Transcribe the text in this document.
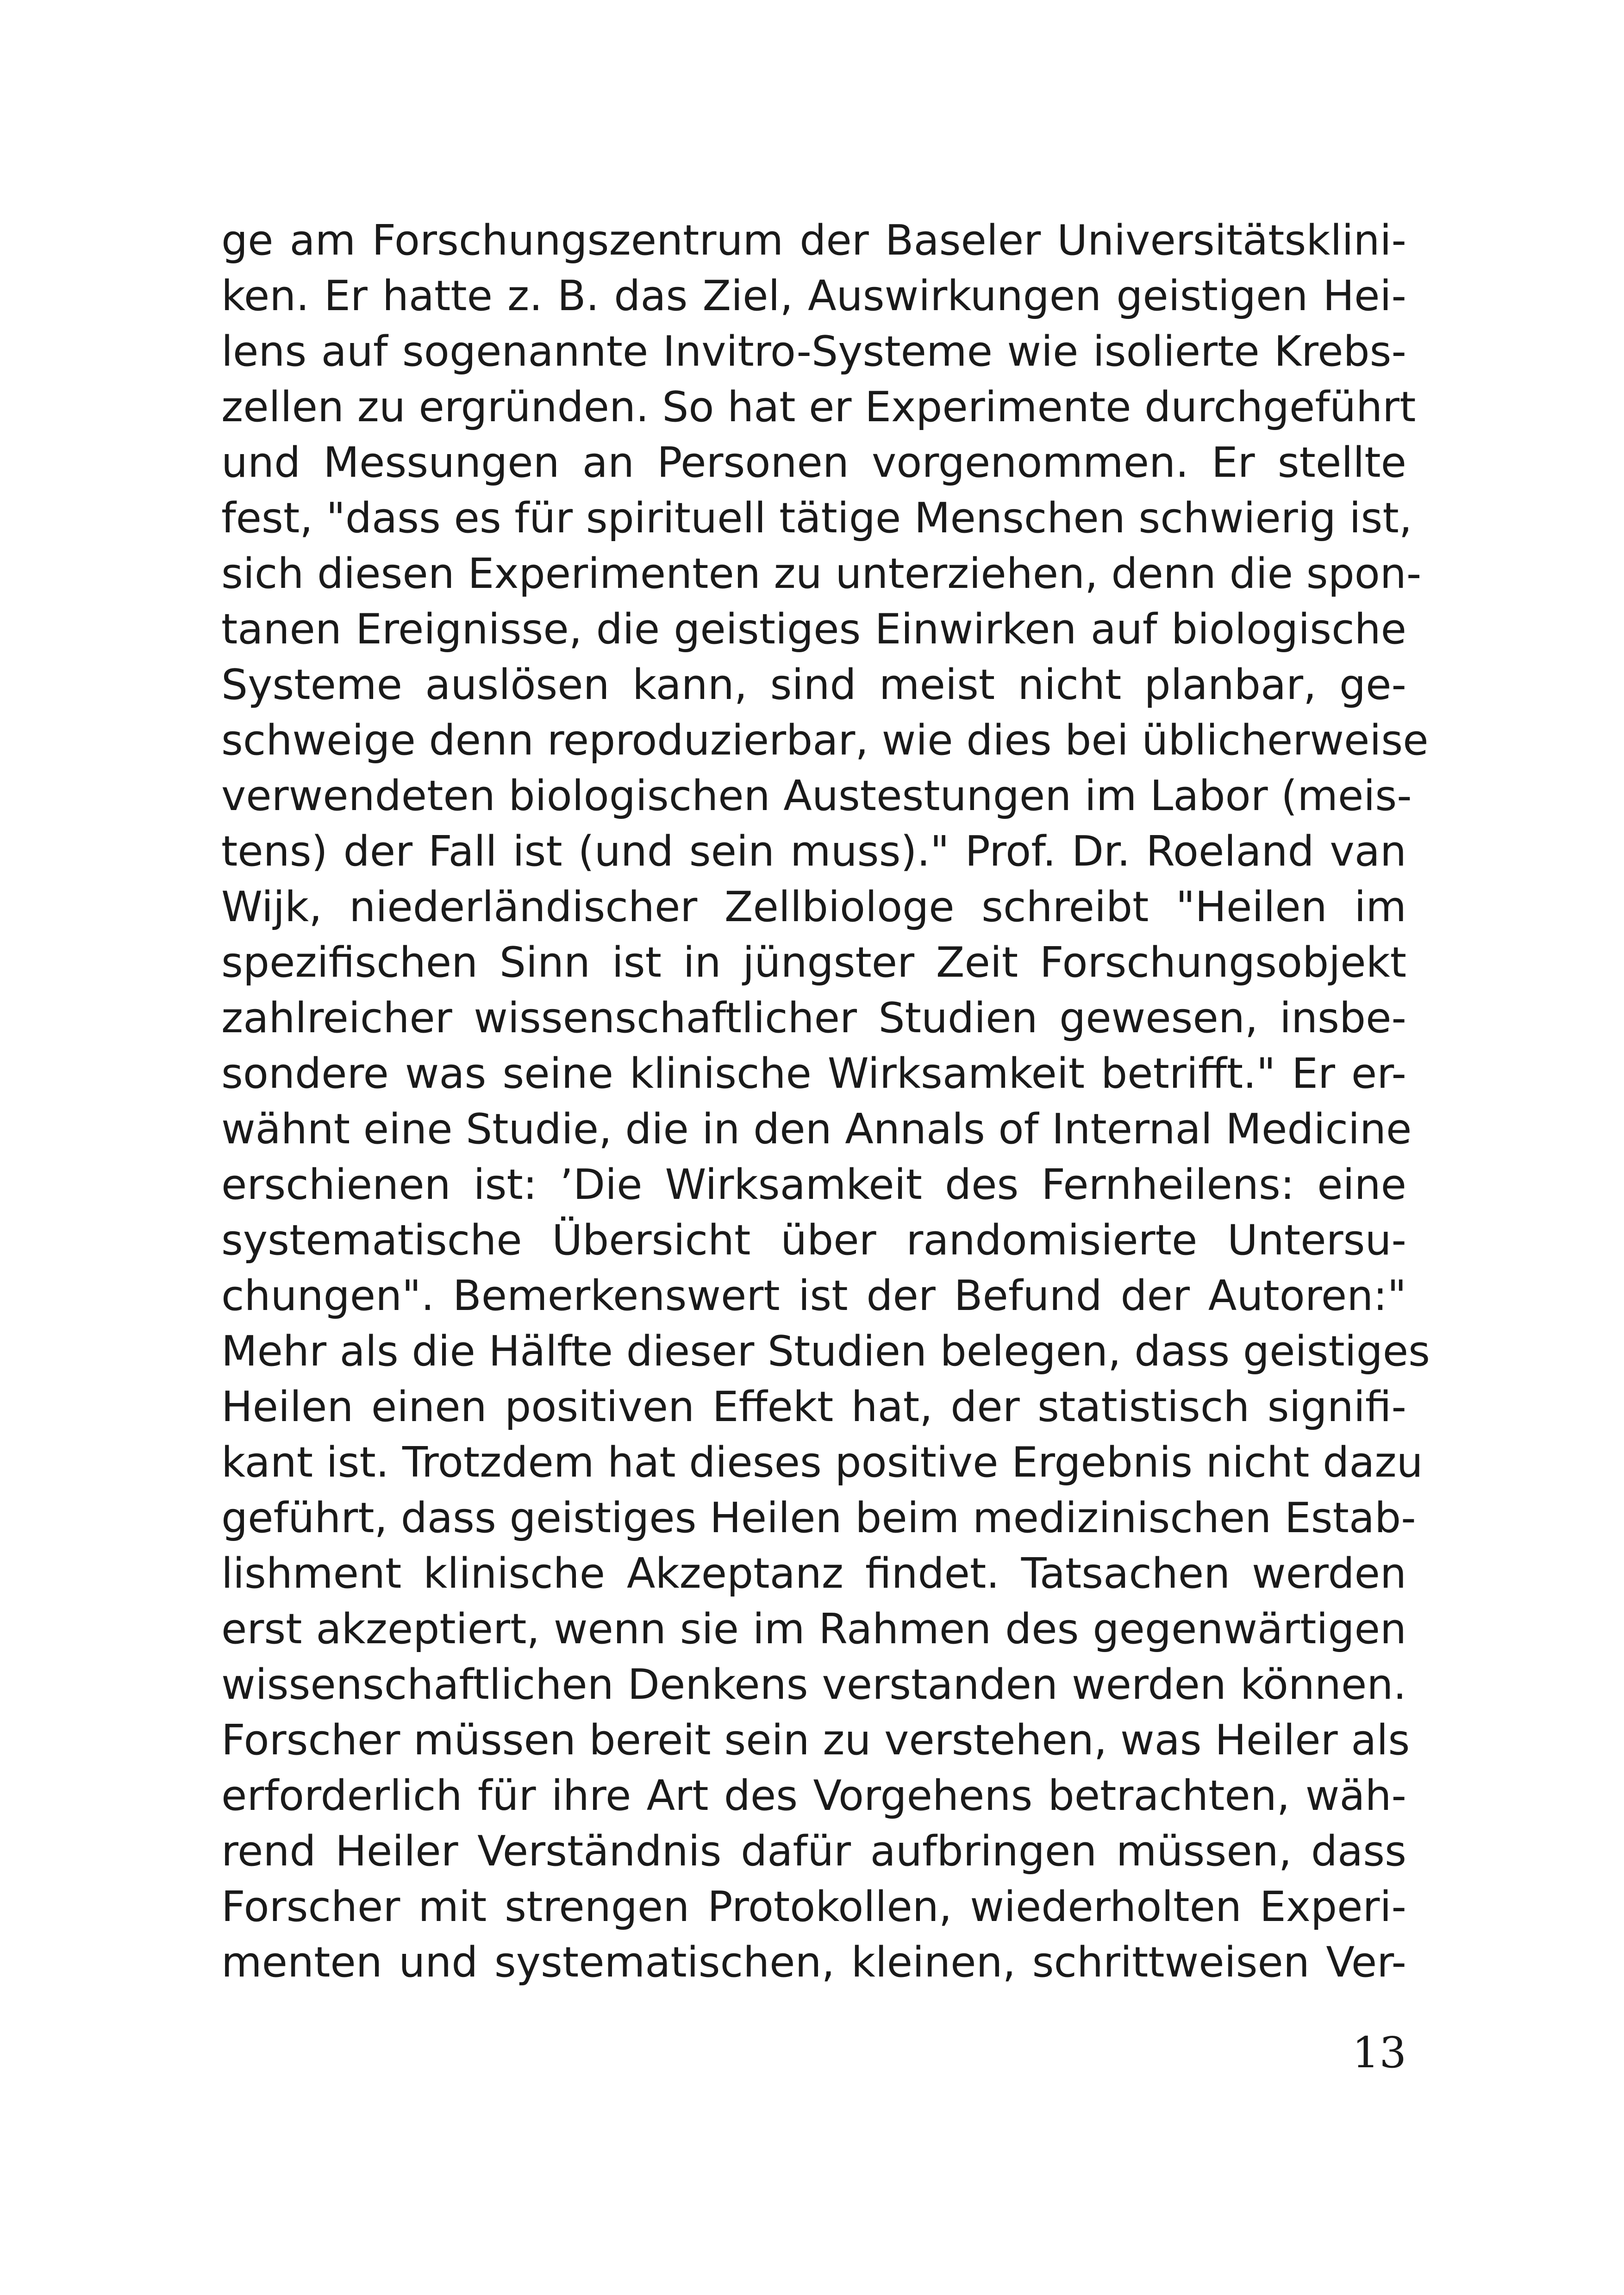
ge am Forschungszentrum der Baseler Universitätsklini-
ken. Er hatte z. B. das Ziel, Auswirkungen geistigen Hei-
lens auf sogenannte Invitro-Systeme wie isolierte Krebs-
zellen zu ergründen. So hat er Experimente durchgeführt
und Messungen an Personen vorgenommen. Er stellte
fest, "dass es für spirituell tätige Menschen schwierig ist,
sich diesen Experimenten zu unterziehen, denn die spon-
tanen Ereignisse, die geistiges Einwirken auf biologische
Systeme auslösen kann, sind meist nicht planbar, ge-
schweige denn reproduzierbar, wie dies bei üblicherweise
verwendeten biologischen Austestungen im Labor (meis-
tens) der Fall ist (und sein muss)." Prof. Dr. Roeland van
Wijk, niederländischer Zellbiologe schreibt "Heilen im
spezifischen Sinn ist in jüngster Zeit Forschungsobjekt
zahlreicher wissenschaftlicher Studien gewesen, insbe-
sondere was seine klinische Wirksamkeit betrifft." Er er-
wähnt eine Studie, die in den Annals of Internal Medicine
erschienen ist: ’Die Wirksamkeit des Fernheilens: eine
systematische Übersicht über randomisierte Untersu-
chungen". Bemerkenswert ist der Befund der Autoren:"
Mehr als die Hälfte dieser Studien belegen, dass geistiges
Heilen einen positiven Effekt hat, der statistisch signifi-
kant ist. Trotzdem hat dieses positive Ergebnis nicht dazu
geführt, dass geistiges Heilen beim medizinischen Estab-
lishment klinische Akzeptanz findet. Tatsachen werden
erst akzeptiert, wenn sie im Rahmen des gegenwärtigen
wissenschaftlichen Denkens verstanden werden können.
Forscher müssen bereit sein zu verstehen, was Heiler als
erforderlich für ihre Art des Vorgehens betrachten, wäh-
rend Heiler Verständnis dafür aufbringen müssen, dass
Forscher mit strengen Protokollen, wiederholten Experi-
menten und systematischen, kleinen, schrittweisen Ver-
13
